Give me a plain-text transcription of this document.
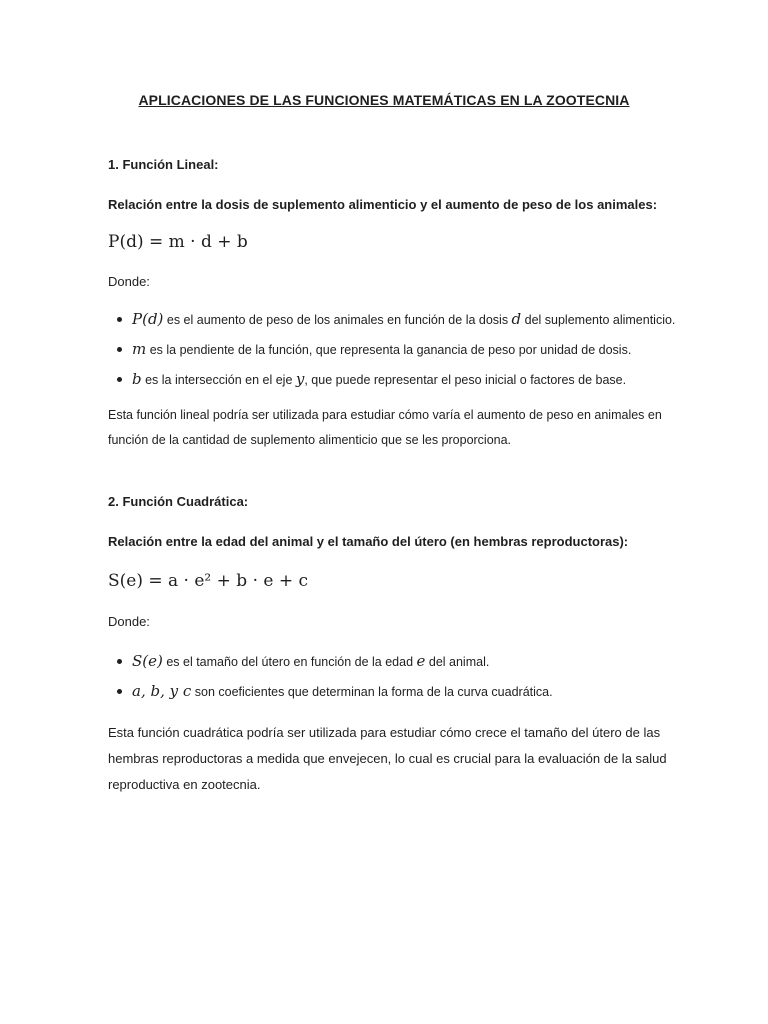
APLICACIONES DE LAS FUNCIONES MATEMÁTICAS EN LA ZOOTECNIA
1. Función Lineal:
Relación entre la dosis de suplemento alimenticio y el aumento de peso de los animales:
P(d) = m · d + b
Donde:
P(d) es el aumento de peso de los animales en función de la dosis d del suplemento alimenticio.
m es la pendiente de la función, que representa la ganancia de peso por unidad de dosis.
b es la intersección en el eje y, que puede representar el peso inicial o factores de base.
Esta función lineal podría ser utilizada para estudiar cómo varía el aumento de peso en animales en
función de la cantidad de suplemento alimenticio que se les proporciona.
2. Función Cuadrática:
Relación entre la edad del animal y el tamaño del útero (en hembras reproductoras):
S(e) = a · e² + b · e + c
Donde:
S(e) es el tamaño del útero en función de la edad e del animal.
a, b, y c son coeficientes que determinan la forma de la curva cuadrática.
Esta función cuadrática podría ser utilizada para estudiar cómo crece el tamaño del útero de las
hembras reproductoras a medida que envejecen, lo cual es crucial para la evaluación de la salud
reproductiva en zootecnia.
